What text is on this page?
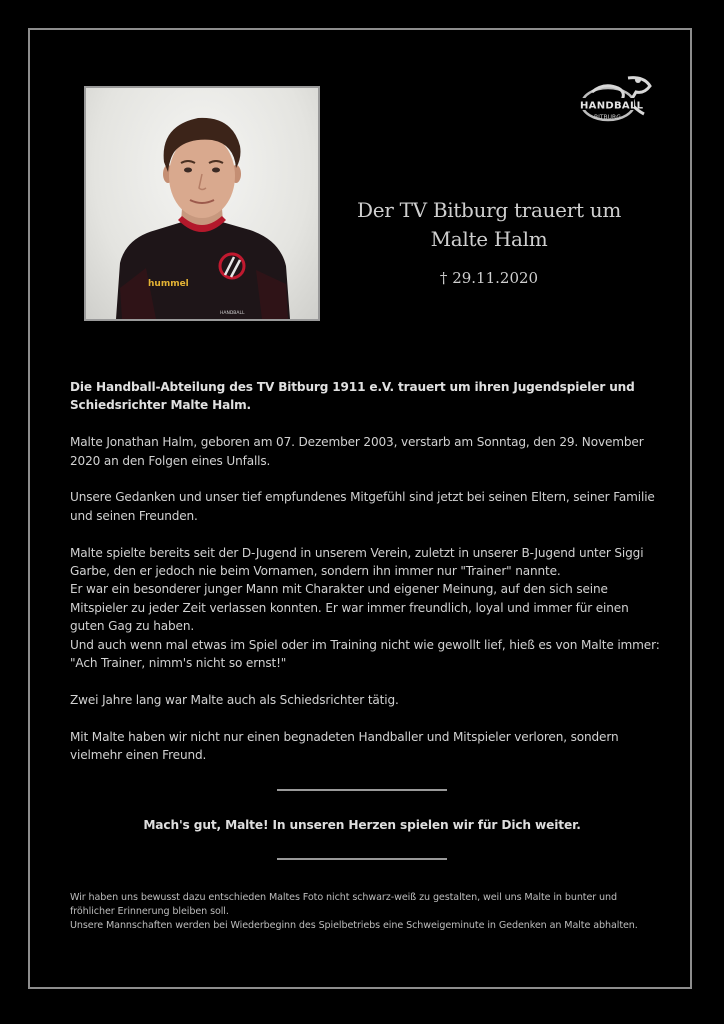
hummel
HANDBALL
HANDBALL
BITBURG
Der TV Bitburg trauert um
Malte Halm
† 29.11.2020

Die Handball-Abteilung des TV Bitburg 1911 e.V. trauert um ihren Jugendspieler und Schiedsrichter Malte Halm.

Malte Jonathan Halm, geboren am 07. Dezember 2003, verstarb am Sonntag, den 29. November 2020 an den Folgen eines Unfalls.

Unsere Gedanken und unser tief empfundenes Mitgefühl sind jetzt bei seinen Eltern, seiner Familie und seinen Freunden.

Malte spielte bereits seit der D-Jugend in unserem Verein, zuletzt in unserer B-Jugend unter Siggi Garbe, den er jedoch nie beim Vornamen, sondern ihn immer nur "Trainer" nannte.
Er war ein besonderer junger Mann mit Charakter und eigener Meinung, auf den sich seine Mitspieler zu jeder Zeit verlassen konnten. Er war immer freundlich, loyal und immer für einen guten Gag zu haben.
Und auch wenn mal etwas im Spiel oder im Training nicht wie gewollt lief, hieß es von Malte immer: "Ach Trainer, nimm's nicht so ernst!"

Zwei Jahre lang war Malte auch als Schiedsrichter tätig.

Mit Malte haben wir nicht nur einen begnadeten Handballer und Mitspieler verloren, sondern vielmehr einen Freund.

Mach's gut, Malte! In unseren Herzen spielen wir für Dich weiter.

Wir haben uns bewusst dazu entschieden Maltes Foto nicht schwarz-weiß zu gestalten, weil uns Malte in bunter und fröhlicher Erinnerung bleiben soll.

Unsere Mannschaften werden bei Wiederbeginn des Spielbetriebs eine Schweigeminute in Gedenken an Malte abhalten.
